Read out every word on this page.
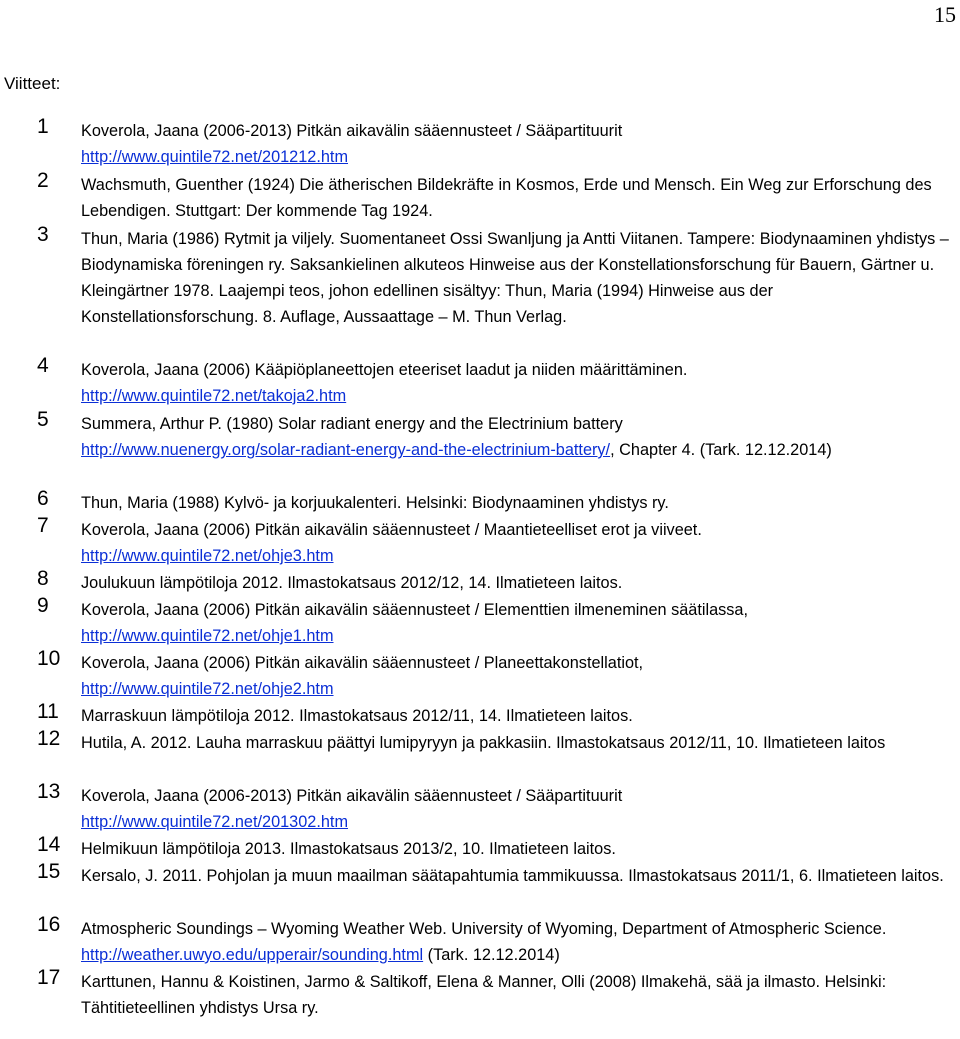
15
Viitteet:
1 Koverola, Jaana (2006-2013) Pitkän aikavälin sääennusteet / Sääpartituurit
http://www.quintile72.net/201212.htm
2 Wachsmuth, Guenther (1924) Die ätherischen Bildekräfte in Kosmos, Erde und Mensch. Ein Weg zur Erforschung des Lebendigen. Stuttgart: Der kommende Tag 1924.
3 Thun, Maria (1986) Rytmit ja viljely. Suomentaneet Ossi Swanljung ja Antti Viitanen. Tampere: Biodynaaminen yhdistys – Biodynamiska föreningen ry. Saksankielinen alkuteos Hinweise aus der Konstellationsforschung für Bauern, Gärtner u. Kleingärtner 1978. Laajempi teos, johon edellinen sisältyy: Thun, Maria (1994) Hinweise aus der Konstellationsforschung. 8. Auflage, Aussaattage – M. Thun Verlag.
4 Koverola, Jaana (2006) Kääpiöplaneettojen eteeriset laadut ja niiden määrittäminen.
http://www.quintile72.net/takoja2.htm
5 Summera, Arthur P. (1980) Solar radiant energy and the Electrinium battery
http://www.nuenergy.org/solar-radiant-energy-and-the-electrinium-battery/, Chapter 4. (Tark. 12.12.2014)
6 Thun, Maria (1988) Kylvö- ja korjuukalenteri. Helsinki: Biodynaaminen yhdistys ry.
7 Koverola, Jaana (2006) Pitkän aikavälin sääennusteet / Maantieteelliset erot ja viiveet.
http://www.quintile72.net/ohje3.htm
8 Joulukuun lämpötiloja 2012. Ilmastokatsaus 2012/12, 14. Ilmatieteen laitos.
9 Koverola, Jaana (2006) Pitkän aikavälin sääennusteet / Elementtien ilmeneminen säätilassa,
http://www.quintile72.net/ohje1.htm
10 Koverola, Jaana (2006) Pitkän aikavälin sääennusteet / Planeettakonstellatiot,
http://www.quintile72.net/ohje2.htm
11 Marraskuun lämpötiloja 2012. Ilmastokatsaus 2012/11, 14. Ilmatieteen laitos.
12 Hutila, A. 2012. Lauha marraskuu päättyi lumipyryyn ja pakkasiin. Ilmastokatsaus 2012/11, 10. Ilmatieteen laitos
13 Koverola, Jaana (2006-2013) Pitkän aikavälin sääennusteet / Sääpartituurit
http://www.quintile72.net/201302.htm
14 Helmikuun lämpötiloja 2013. Ilmastokatsaus 2013/2, 10. Ilmatieteen laitos.
15 Kersalo, J. 2011. Pohjolan ja muun maailman säätapahtumia tammikuussa. Ilmastokatsaus 2011/1, 6. Ilmatieteen laitos.
16 Atmospheric Soundings – Wyoming Weather Web. University of Wyoming, Department of Atmospheric Science. http://weather.uwyo.edu/upperair/sounding.html (Tark. 12.12.2014)
17 Karttunen, Hannu & Koistinen, Jarmo & Saltikoff, Elena & Manner, Olli (2008) Ilmakehä, sää ja ilmasto. Helsinki: Tähtitieteellinen yhdistys Ursa ry.
